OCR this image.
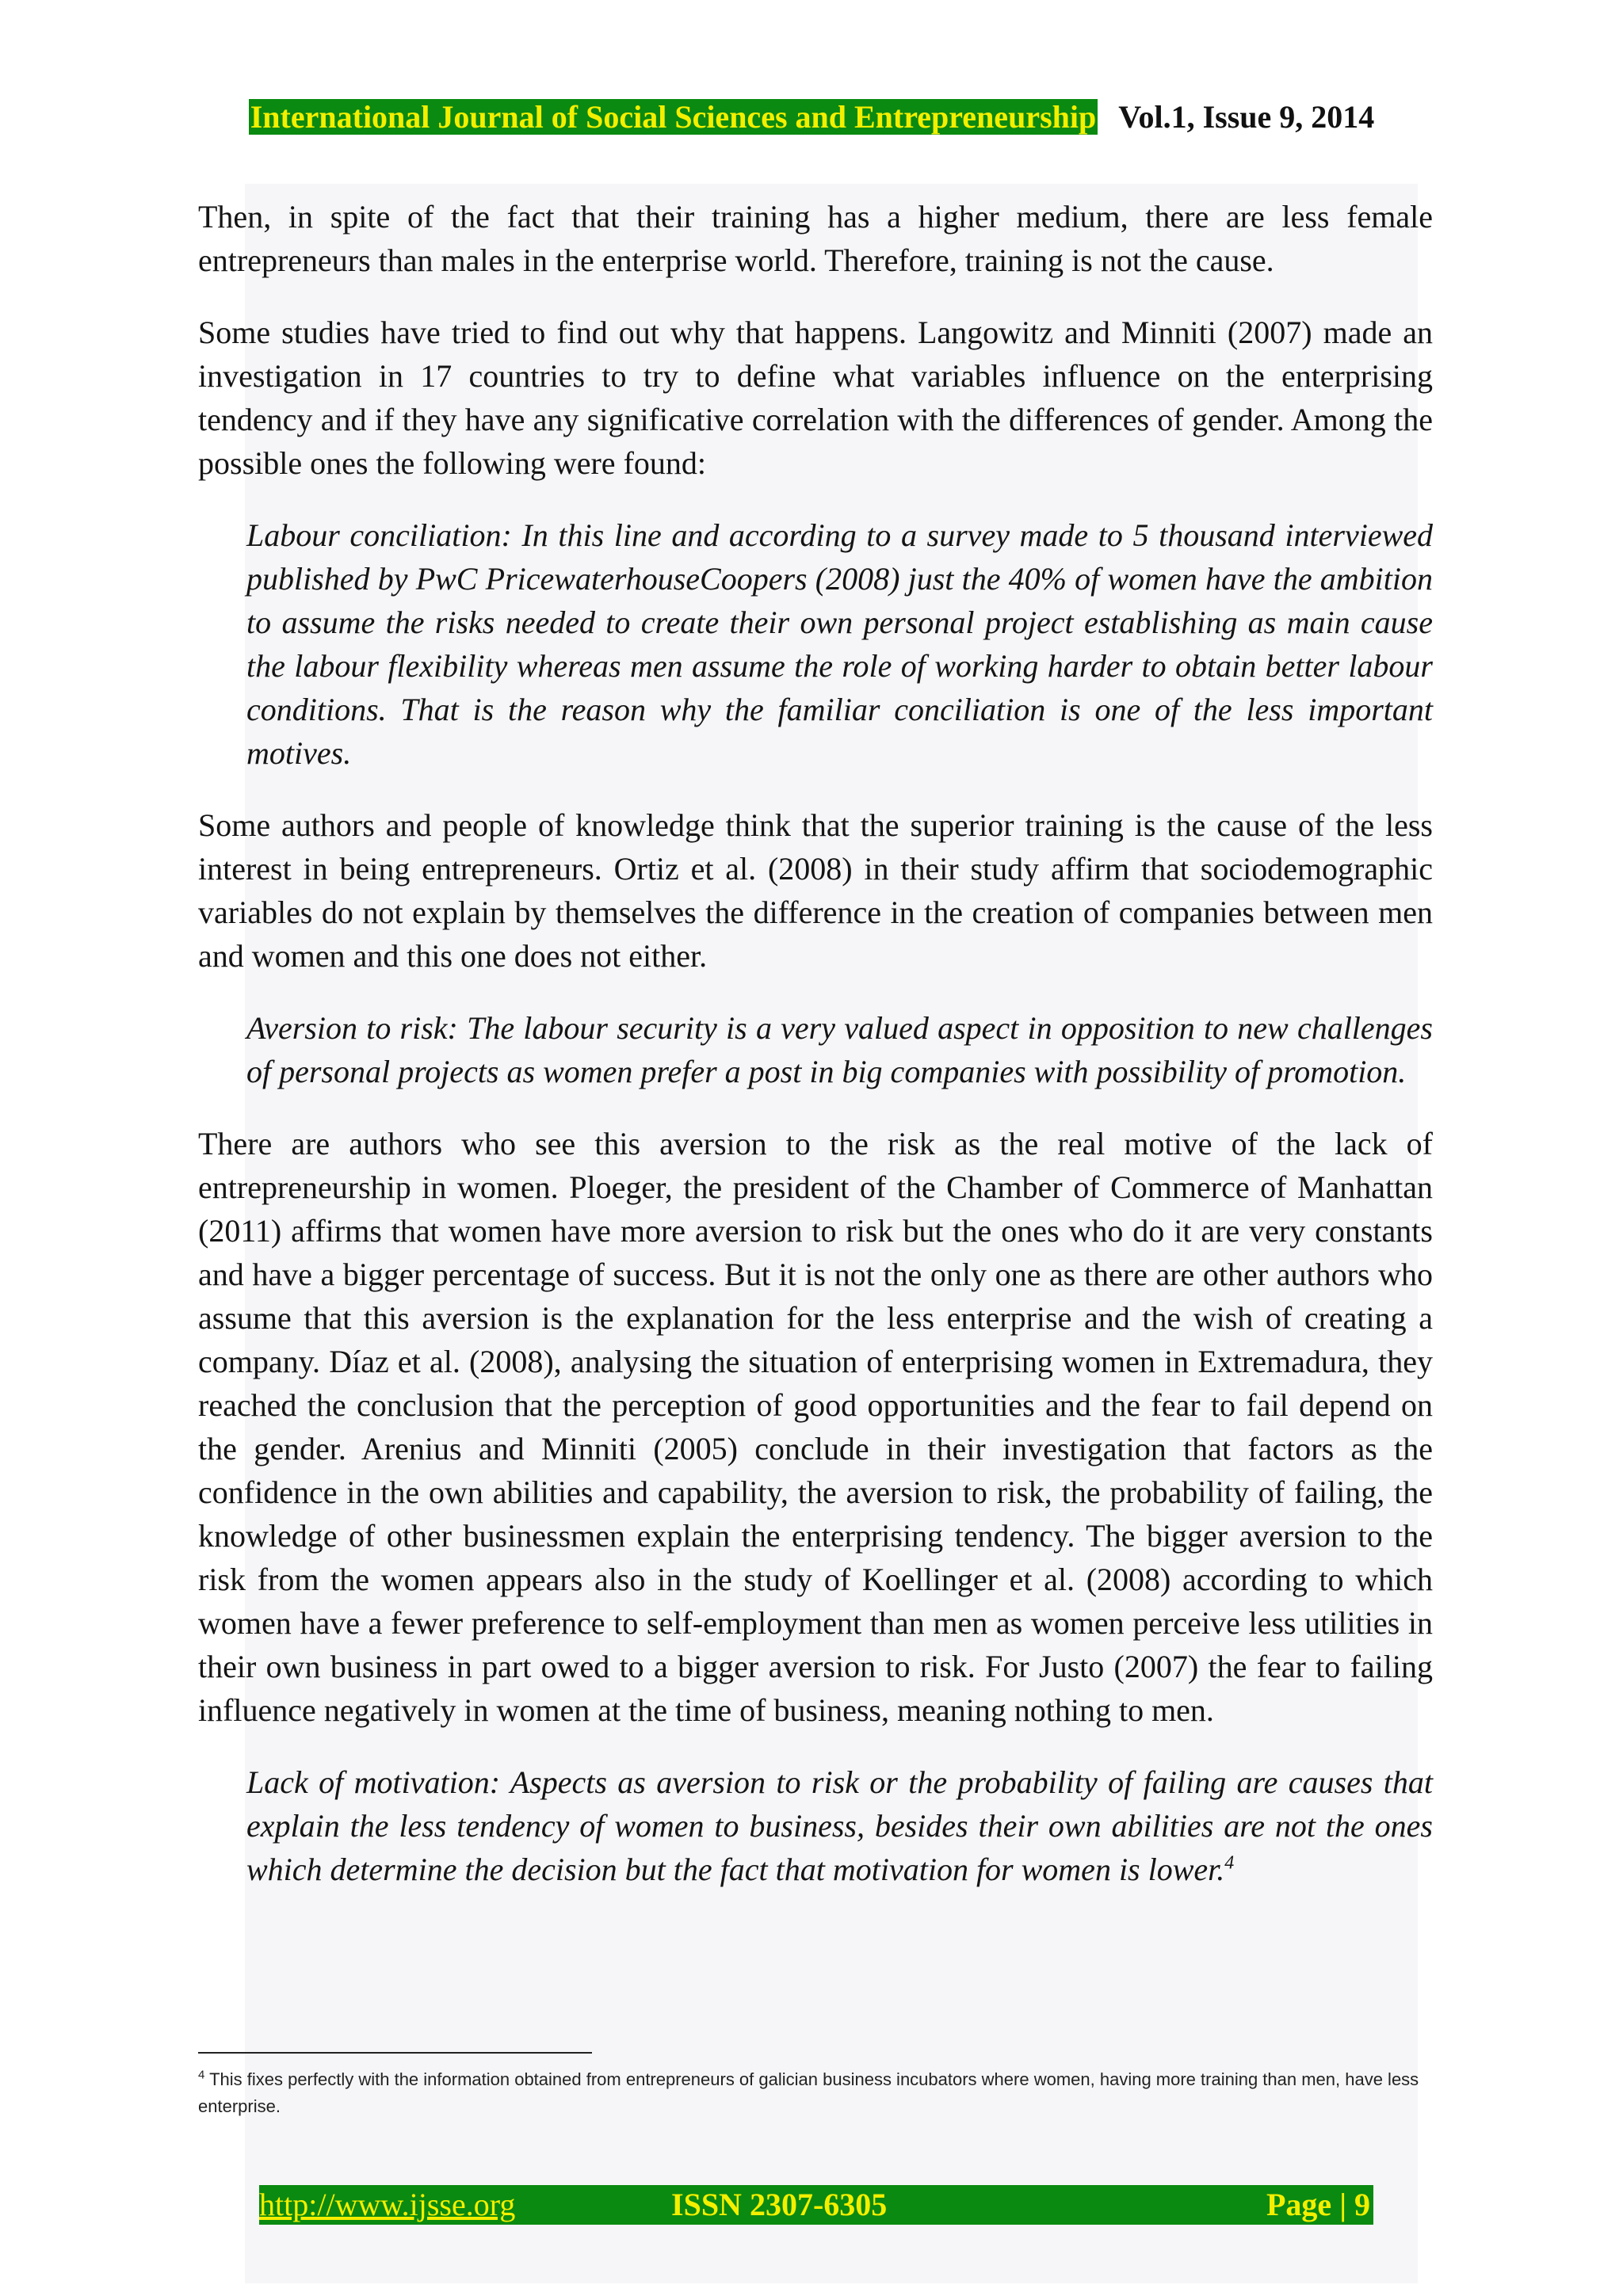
International Journal of Social Sciences and Entrepreneurship Vol.1, Issue 9, 2014

Then, in spite of the fact that their training has a higher medium, there are less female entrepreneurs than males in the enterprise world. Therefore, training is not the cause.

Some studies have tried to find out why that happens. Langowitz and Minniti (2007) made an investigation in 17 countries to try to define what variables influence on the enterprising tendency and if they have any significative correlation with the differences of gender. Among the possible ones the following were found:

Labour conciliation: In this line and according to a survey made to 5 thousand interviewed published by PwC PricewaterhouseCoopers (2008) just the 40% of women have the ambition to assume the risks needed to create their own personal project establishing as main cause the labour flexibility whereas men assume the role of working harder to obtain better labour conditions. That is the reason why the familiar conciliation is one of the less important motives.

Some authors and people of knowledge think that the superior training is the cause of the less interest in being entrepreneurs. Ortiz et al. (2008) in their study affirm that sociodemographic variables do not explain by themselves the difference in the creation of companies between men and women and this one does not either.

Aversion to risk: The labour security is a very valued aspect in opposition to new challenges of personal projects as women prefer a post in big companies with possibility of promotion.

There are authors who see this aversion to the risk as the real motive of the lack of entrepreneurship in women. Ploeger, the president of the Chamber of Commerce of Manhattan (2011) affirms that women have more aversion to risk but the ones who do it are very constants and have a bigger percentage of success. But it is not the only one as there are other authors who assume that this aversion is the explanation for the less enterprise and the wish of creating a company. Díaz et al. (2008), analysing the situation of enterprising women in Extremadura, they reached the conclusion that the perception of good opportunities and the fear to fail depend on the gender. Arenius and Minniti (2005) conclude in their investigation that factors as the confidence in the own abilities and capability, the aversion to risk, the probability of failing, the knowledge of other businessmen explain the enterprising tendency. The bigger aversion to the risk from the women appears also in the study of Koellinger et al. (2008) according to which women have a fewer preference to self-employment than men as women perceive less utilities in their own business in part owed to a bigger aversion to risk. For Justo (2007) the fear to failing influence negatively in women at the time of business, meaning nothing to men.

Lack of motivation: Aspects as aversion to risk or the probability of failing are causes that explain the less tendency of women to business, besides their own abilities are not the ones which determine the decision but the fact that motivation for women is lower.$^4$

$^4$ This fixes perfectly with the information obtained from entrepreneurs of galician business incubators where women, having more training than men, have less enterprise.
http://www.ijsse.org	ISSN 2307-6305	Page | 9
